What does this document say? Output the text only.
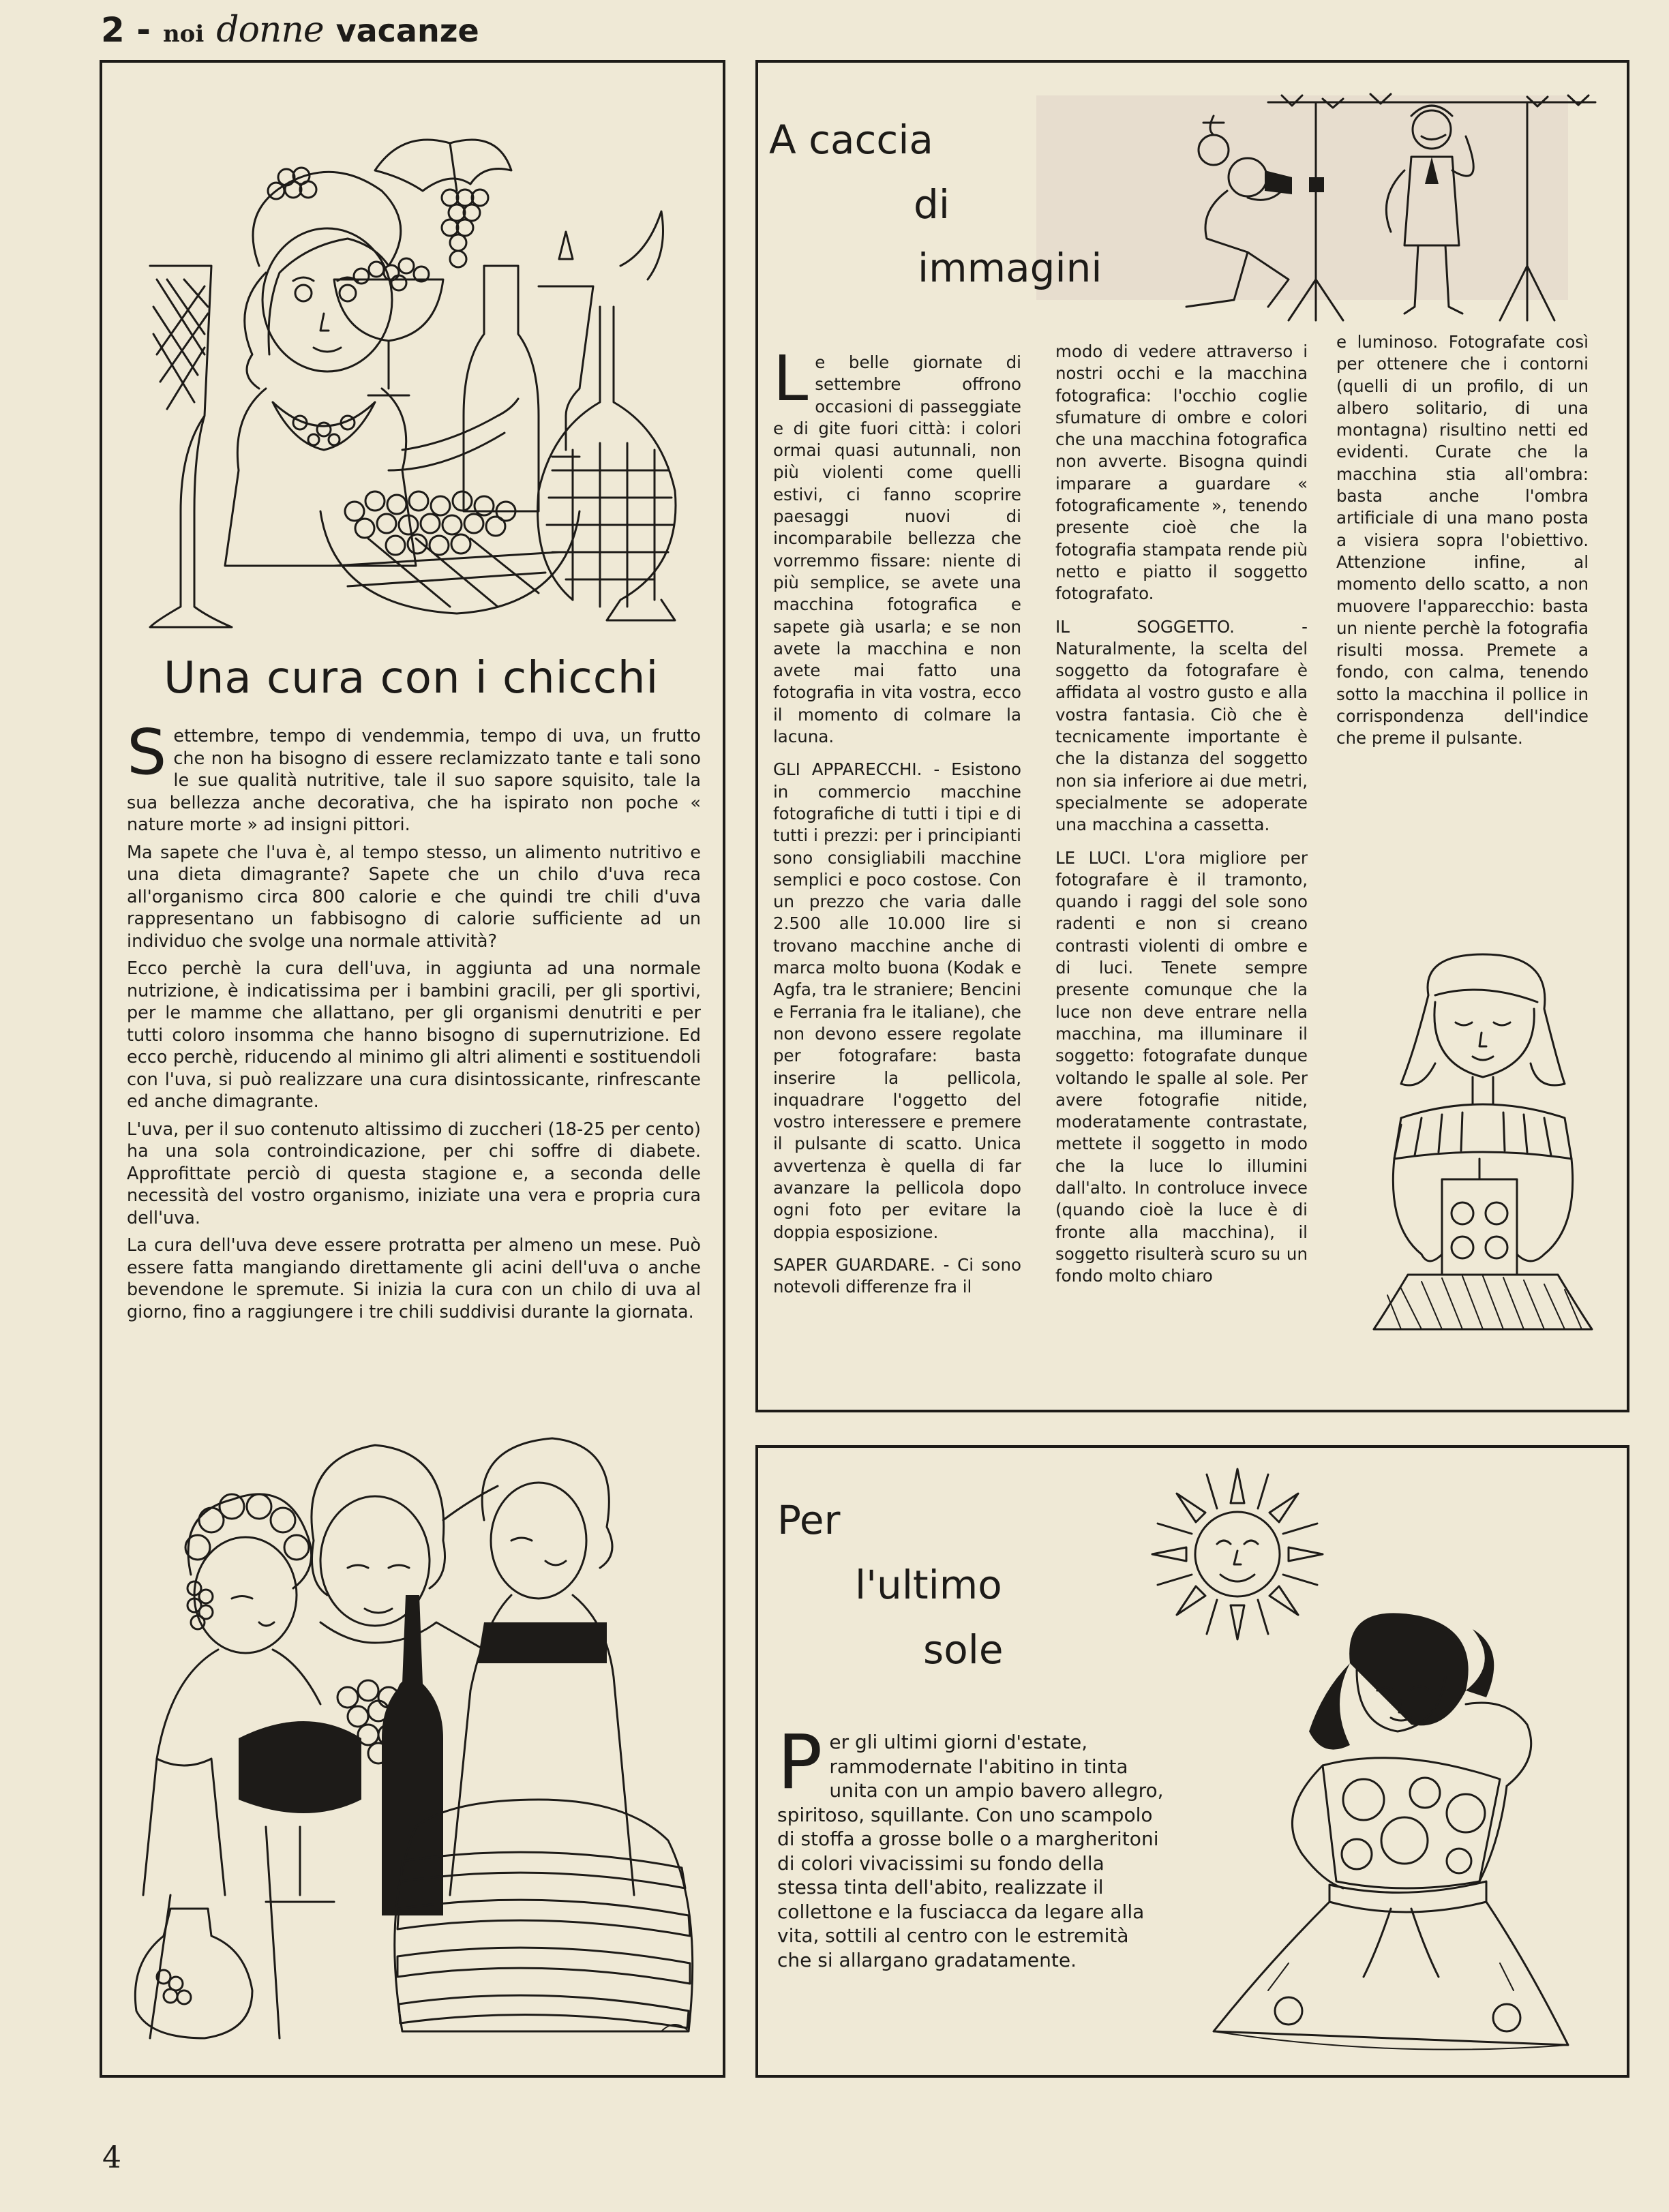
2 - noi donne vacanze
Una cura con i chicchi

Settembre, tempo di vendemmia, tempo di uva, un frutto che non ha bisogno di essere reclamizzato tante e tali sono le sue qualità nutritive, tale il suo sapore squisito, tale la sua bellezza anche decorativa, che ha ispirato non poche « nature morte » ad insigni pittori.

Ma sapete che l'uva è, al tempo stesso, un alimento nutritivo e una dieta dimagrante? Sapete che un chilo d'uva reca all'organismo circa 800 calorie e che quindi tre chili d'uva rappresentano un fabbisogno di calorie sufficiente ad un individuo che svolge una normale attività?

Ecco perchè la cura dell'uva, in aggiunta ad una normale nutrizione, è indicatissima per i bambini gracili, per gli sportivi, per le mamme che allattano, per gli organismi denutriti e per tutti coloro insomma che hanno bisogno di supernutrizione. Ed ecco perchè, riducendo al minimo gli altri alimenti e sostituendoli con l'uva, si può realizzare una cura disintossicante, rinfrescante ed anche dimagrante.

L'uva, per il suo contenuto altissimo di zuccheri (18-25 per cento) ha una sola controindicazione, per chi soffre di diabete. Approfittate perciò di questa stagione e, a seconda delle necessità del vostro organismo, iniziate una vera e propria cura dell'uva.

La cura dell'uva deve essere protratta per almeno un mese. Può essere fatta mangiando direttamente gli acini dell'uva o anche bevendone le spremute. Si inizia la cura con un chilo di uva al giorno, fino a raggiungere i tre chili suddivisi durante la giornata.

A caccia
di
immagini

Le belle giornate di settembre offrono occasioni di passeggiate e di gite fuori città: i colori ormai quasi autunnali, non più violenti come quelli estivi, ci fanno scoprire paesaggi nuovi di incomparabile bellezza che vorremmo fissare: niente di più semplice, se avete una macchina fotografica e sapete già usarla; e se non avete la macchina e non avete mai fatto una fotografia in vita vostra, ecco il momento di colmare la lacuna.

GLI APPARECCHI. - Esistono in commercio macchine fotografiche di tutti i tipi e di tutti i prezzi: per i principianti sono consigliabili macchine semplici e poco costose. Con un prezzo che varia dalle 2.500 alle 10.000 lire si trovano macchine anche di marca molto buona (Kodak e Agfa, tra le straniere; Bencini e Ferrania fra le italiane), che non devono essere regolate per fotografare: basta inserire la pellicola, inquadrare l'oggetto del vostro interessere e premere il pulsante di scatto. Unica avvertenza è quella di far avanzare la pellicola dopo ogni foto per evitare la doppia esposizione.

SAPER GUARDARE. - Ci sono notevoli differenze fra il

modo di vedere attraverso i nostri occhi e la macchina fotografica: l'occhio coglie sfumature di ombre e colori che una macchina fotografica non avverte. Bisogna quindi imparare a guardare « fotograficamente », tenendo presente cioè che la fotografia stampata rende più netto e piatto il soggetto fotografato.

IL SOGGETTO. - Naturalmente, la scelta del soggetto da fotografare è affidata al vostro gusto e alla vostra fantasia. Ciò che è tecnicamente importante è che la distanza del soggetto non sia inferiore ai due metri, specialmente se adoperate una macchina a cassetta.

LE LUCI. L'ora migliore per fotografare è il tramonto, quando i raggi del sole sono radenti e non si creano contrasti violenti di ombre e di luci. Tenete sempre presente comunque che la luce non deve entrare nella macchina, ma illuminare il soggetto: fotografate dunque voltando le spalle al sole. Per avere fotografie nitide, moderatamente contrastate, mettete il soggetto in modo che la luce lo illumini dall'alto. In controluce invece (quando cioè la luce è di fronte alla macchina), il soggetto risulterà scuro su un fondo molto chiaro

e luminoso. Fotografate così per ottenere che i contorni (quelli di un profilo, di un albero solitario, di una montagna) risultino netti ed evidenti. Curate che la macchina stia all'ombra: basta anche l'ombra artificiale di una mano posta a visiera sopra l'obiettivo. Attenzione infine, al momento dello scatto, a non muovere l'apparecchio: basta un niente perchè la fotografia risulti mossa. Premete a fondo, con calma, tenendo sotto la macchina il pollice in corrispondenza dell'indice che preme il pulsante.

Per
l'ultimo
sole

Per gli ultimi giorni d'estate, rammodernate l'abitino in tinta unita con un ampio bavero allegro, spiritoso, squillante. Con uno scampolo di stoffa a grosse bolle o a margheritoni di colori vivacissimi su fondo della stessa tinta dell'abito, realizzate il collettone e la fusciacca da legare alla vita, sottili al centro con le estremità che si allargano gradatamente.

4
